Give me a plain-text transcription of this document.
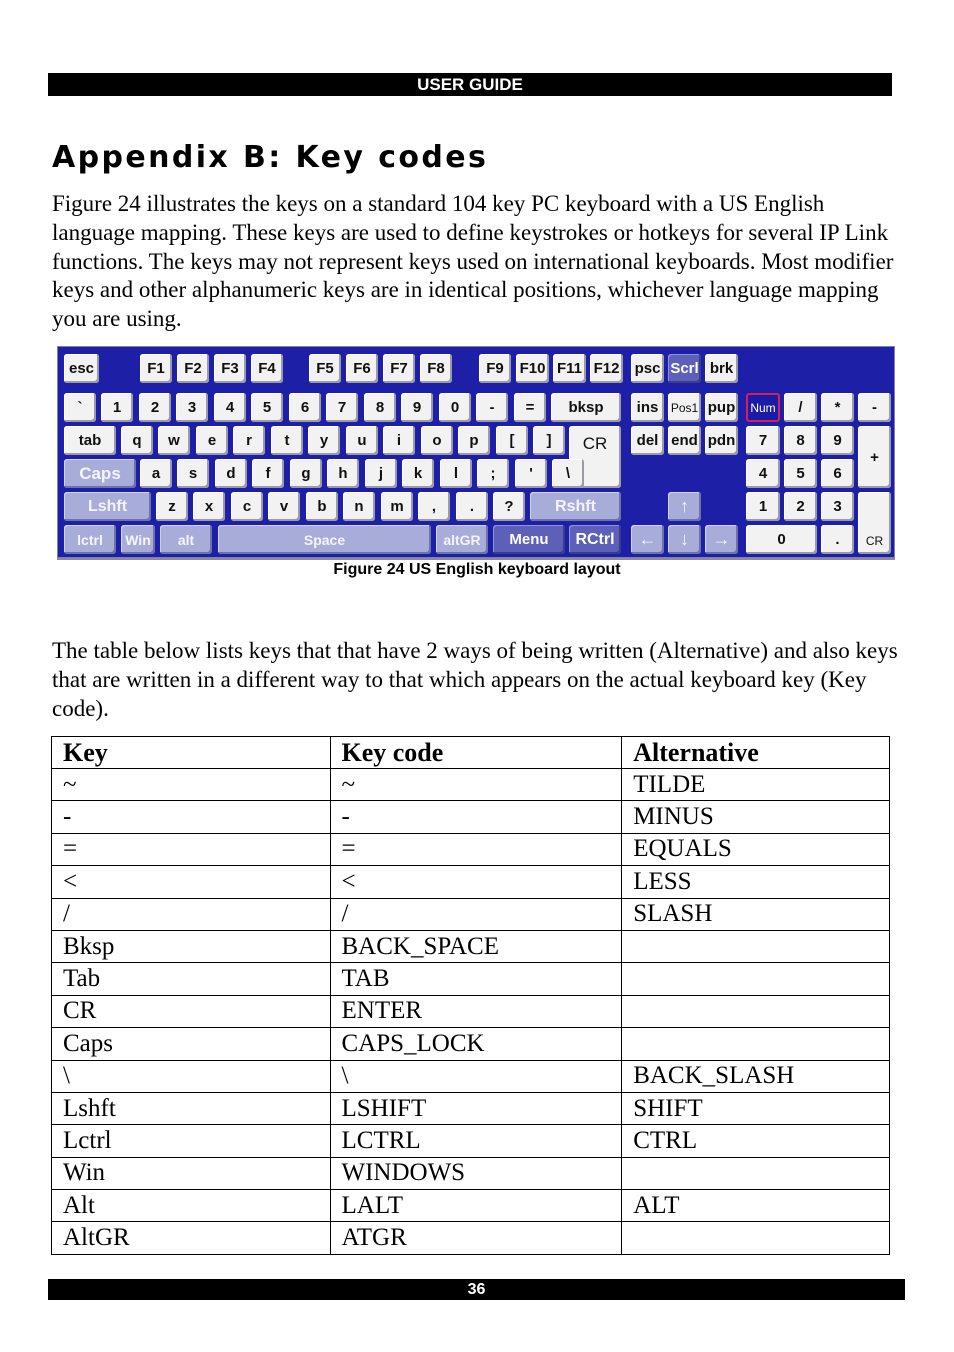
USER GUIDE
Appendix B: Key codes

Figure 24 illustrates the keys on a standard 104 key PC keyboard with a US English language mapping. These keys are used to define keystrokes or hotkeys for several IP Link functions. The keys may not represent keys used on international keyboards. Most modifier keys and other alphanumeric keys are in identical positions, whichever language mapping you are using.

esc	F1	F2	F3	F4	F5	F6	F7	F8	F9	F10 F11 F12 psc Scrl brk
`	1	2	3	4	5	6	7	8	9	0	-	=	bksp	ins	Pos1 pup	Num	/	*	-
tab	q	w	e	r	t	y	u	i	o	p	[	]	CR	del end pdn	7	8	9
+
Caps	a	s	d	f	g	h	j	k	l	;	'	\	4	5	6
Lshft	z	x	c	v	b	n	m	,	.	?	Rshft	↑	1	2	3
CR
lctrl	Win	alt	Space	altGR	Menu	RCtrl	←	↓	→	0	.
Figure 24 US English keyboard layout

The table below lists keys that that have 2 ways of being written (Alternative) and also keys that are written in a different way to that which appears on the actual keyboard key (Key code).

Key	Key code	Alternative
~	~	TILDE
-	-	MINUS
=	=	EQUALS
<	<	LESS
/	/	SLASH
Bksp	BACK_SPACE	
Tab	TAB	
CR	ENTER	
Caps	CAPS_LOCK	
\	\	BACK_SLASH
Lshft	LSHIFT	SHIFT
Lctrl	LCTRL	CTRL
Win	WINDOWS	
Alt	LALT	ALT
AltGR	ATGR	
36
